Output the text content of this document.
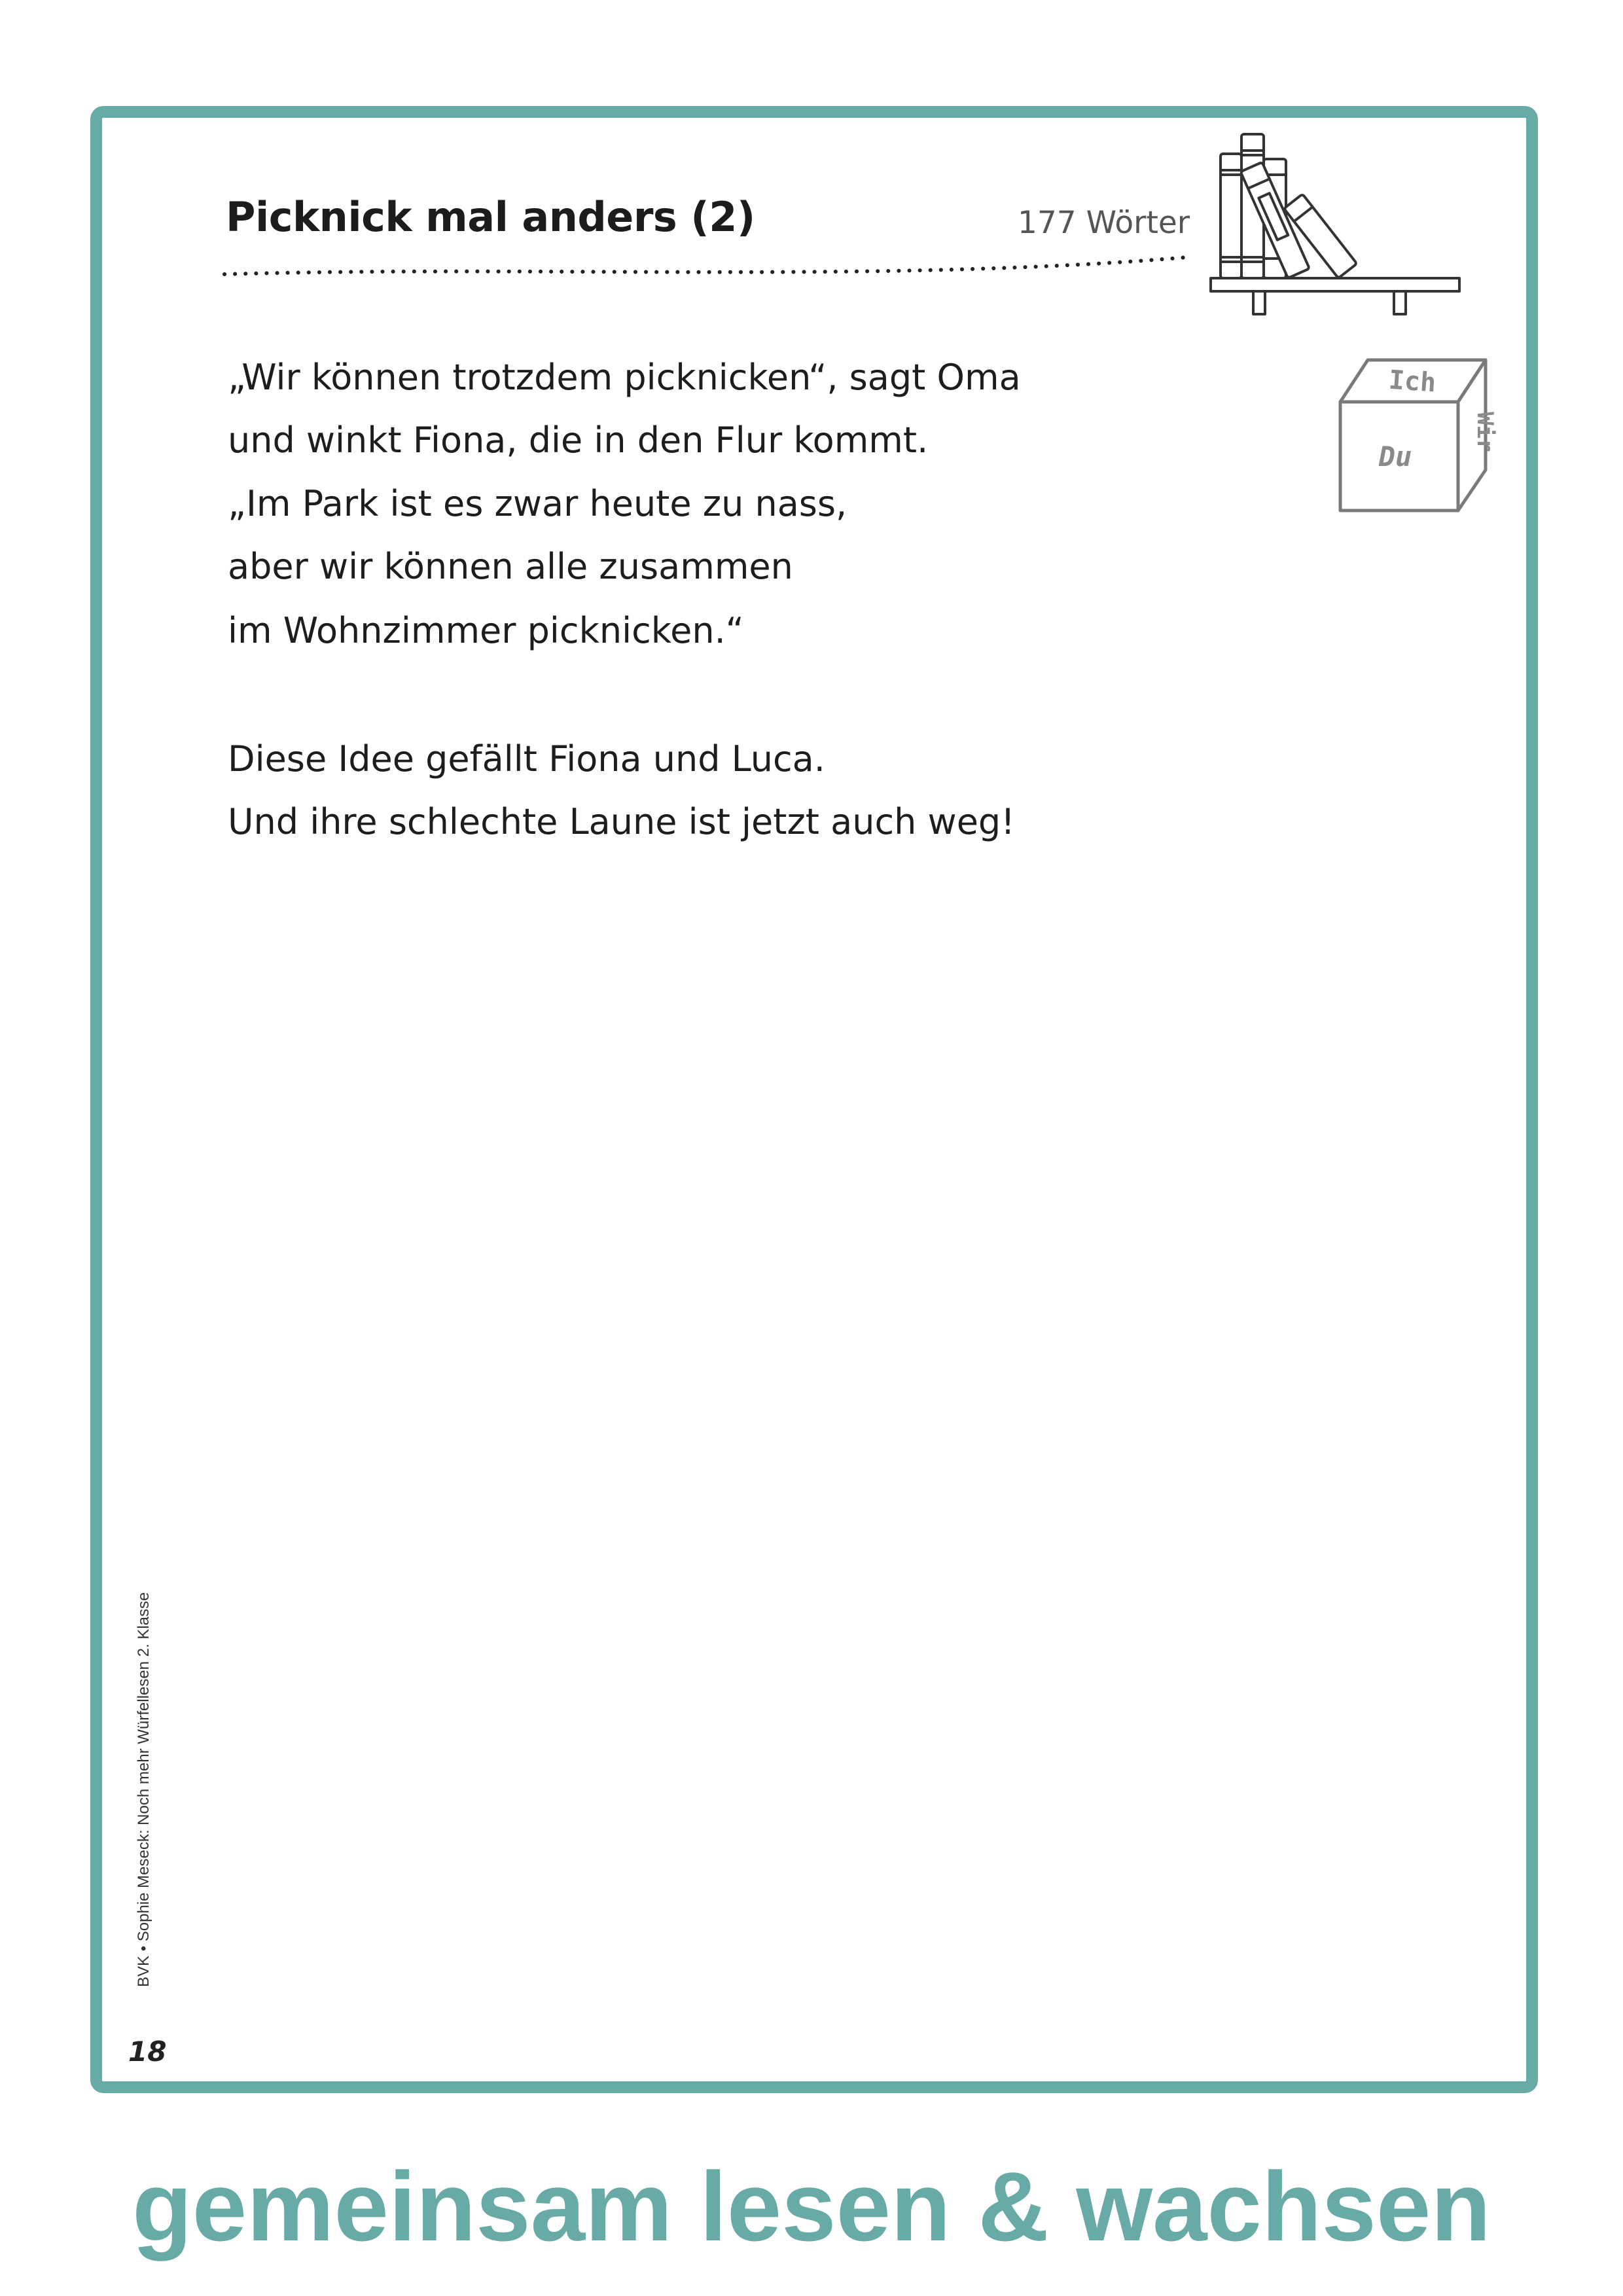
Picknick mal anders (2)	177 Wörter
Ich
Du
Wir
„Wir können trotzdem picknicken“, sagt Oma
und winkt Fiona, die in den Flur kommt.
„Im Park ist es zwar heute zu nass,
aber wir können alle zusammen
im Wohnzimmer picknicken.“
Diese Idee gefällt Fiona und Luca.
Und ihre schlechte Laune ist jetzt auch weg!
BVK • Sophie Meseck: Noch mehr Würfellesen 2. Klasse
18
gemeinsam lesen & wachsen
